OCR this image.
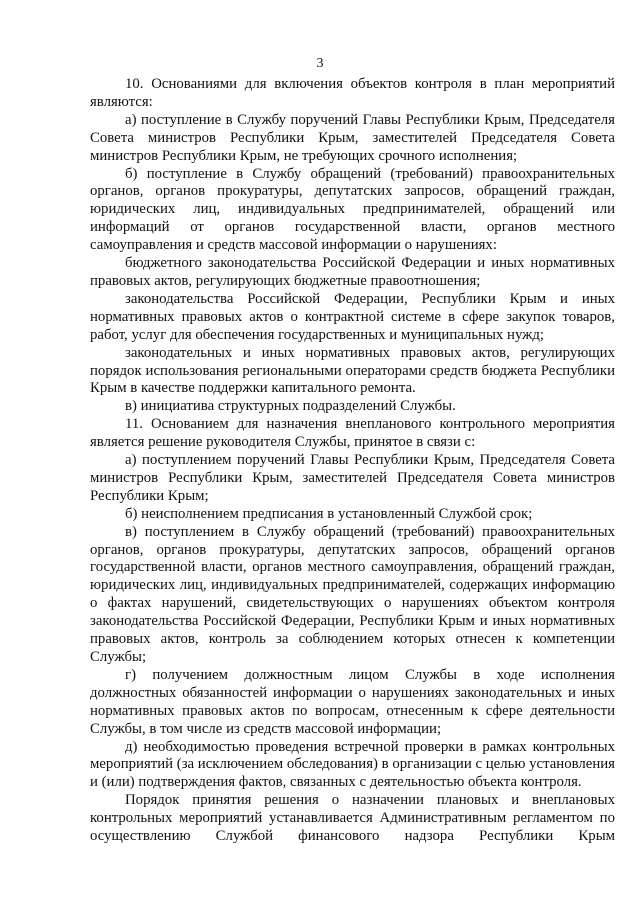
3

10. Основаниями для включения объектов контроля в план мероприятий являются:

а) поступление в Службу поручений Главы Республики Крым, Председателя Совета министров Республики Крым, заместителей Председателя Совета министров Республики Крым, не требующих срочного исполнения;

б) поступление в Службу обращений (требований) правоохранительных органов, органов прокуратуры, депутатских запросов, обращений граждан, юридических лиц, индивидуальных предпринимателей, обращений или информаций от органов государственной власти, органов местного самоуправления и средств массовой информации о нарушениях:

бюджетного законодательства Российской Федерации и иных нормативных правовых актов, регулирующих бюджетные правоотношения;

законодательства Российской Федерации, Республики Крым и иных нормативных правовых актов о контрактной системе в сфере закупок товаров, работ, услуг для обеспечения государственных и муниципальных нужд;

законодательных и иных нормативных правовых актов, регулирующих порядок использования региональными операторами средств бюджета Республики Крым в качестве поддержки капитального ремонта.

в) инициатива структурных подразделений Службы.

11. Основанием для назначения внепланового контрольного мероприятия является решение руководителя Службы, принятое в связи с:

а) поступлением поручений Главы Республики Крым, Председателя Совета министров Республики Крым, заместителей Председателя Совета министров Республики Крым;

б) неисполнением предписания в установленный Службой срок;

в) поступлением в Службу обращений (требований) правоохранительных органов, органов прокуратуры, депутатских запросов, обращений органов государственной власти, органов местного самоуправления, обращений граждан, юридических лиц, индивидуальных предпринимателей, содержащих информацию о фактах нарушений, свидетельствующих о нарушениях объектом контроля законодательства Российской Федерации, Республики Крым и иных нормативных правовых актов, контроль за соблюдением которых отнесен к компетенции Службы;

г) получением должностным лицом Службы в ходе исполнения должностных обязанностей информации о нарушениях законодательных и иных нормативных правовых актов по вопросам, отнесенным к сфере деятельности Службы, в том числе из средств массовой информации;

д) необходимостью проведения встречной проверки в рамках контрольных мероприятий (за исключением обследования) в организации с целью установления и (или) подтверждения фактов, связанных с деятельностью объекта контроля.

Порядок принятия решения о назначении плановых и внеплановых контрольных мероприятий устанавливается Административным регламентом по осуществлению Службой финансового надзора Республики Крым
